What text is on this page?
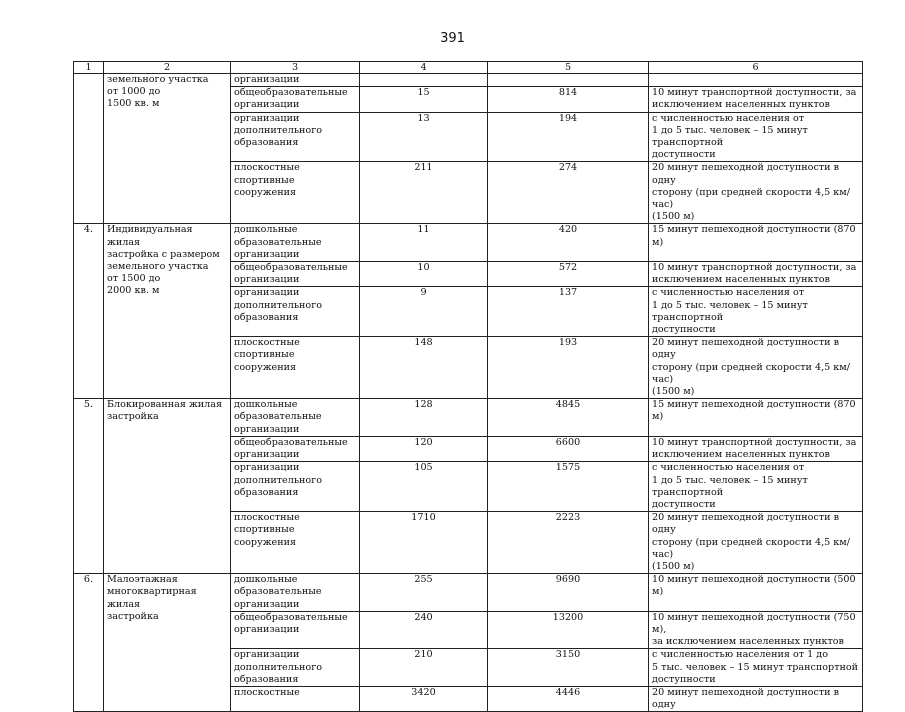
391
1	2	3	4	5	6
	земельного участка
от 1000 до
1500 кв. м	организации			
		общеобразовательные
организации	15	814	10 минут транспортной доступности, за
исключением населенных пунктов
		организации
дополнительного
образования	13	194	с численностью населения от
1 до 5 тыс. человек – 15 минут транспортной
доступности
		плоскостные
спортивные сооружения	211	274	20 минут пешеходной доступности в одну
сторону (при средней скорости 4,5 км/час)
(1500 м)
4.	Индивидуальная жилая
застройка с размером
земельного участка
от 1500 до
2000 кв. м	дошкольные
образовательные
организации	11	420	15 минут пешеходной доступности (870 м)
		общеобразовательные
организации	10	572	10 минут транспортной доступности, за
исключением населенных пунктов
		организации
дополнительного
образования	9	137	с численностью населения от
1 до 5 тыс. человек – 15 минут транспортной
доступности
		плоскостные
спортивные сооружения	148	193	20 минут пешеходной доступности в одну
сторону (при средней скорости 4,5 км/час)
(1500 м)
5.	Блокированная жилая
застройка	дошкольные
образовательные
организации	128	4845	15 минут пешеходной доступности (870 м)
		общеобразовательные
организации	120	6600	10 минут транспортной доступности, за
исключением населенных пунктов
		организации
дополнительного
образования	105	1575	с численностью населения от
1 до 5 тыс. человек – 15 минут транспортной
доступности
		плоскостные
спортивные сооружения	1710	2223	20 минут пешеходной доступности в одну
сторону (при средней скорости 4,5 км/час)
(1500 м)
6.	Малоэтажная
многоквартирная жилая
застройка	дошкольные
образовательные
организации	255	9690	10 минут пешеходной доступности (500 м)
		общеобразовательные
организации	240	13200	10 минут пешеходной доступности (750 м),
за исключением населенных пунктов
		организации
дополнительного
образования	210	3150	с численностью населения от 1 до
5 тыс. человек – 15 минут транспортной
доступности
		плоскостные	3420	4446	20 минут пешеходной доступности в одну
